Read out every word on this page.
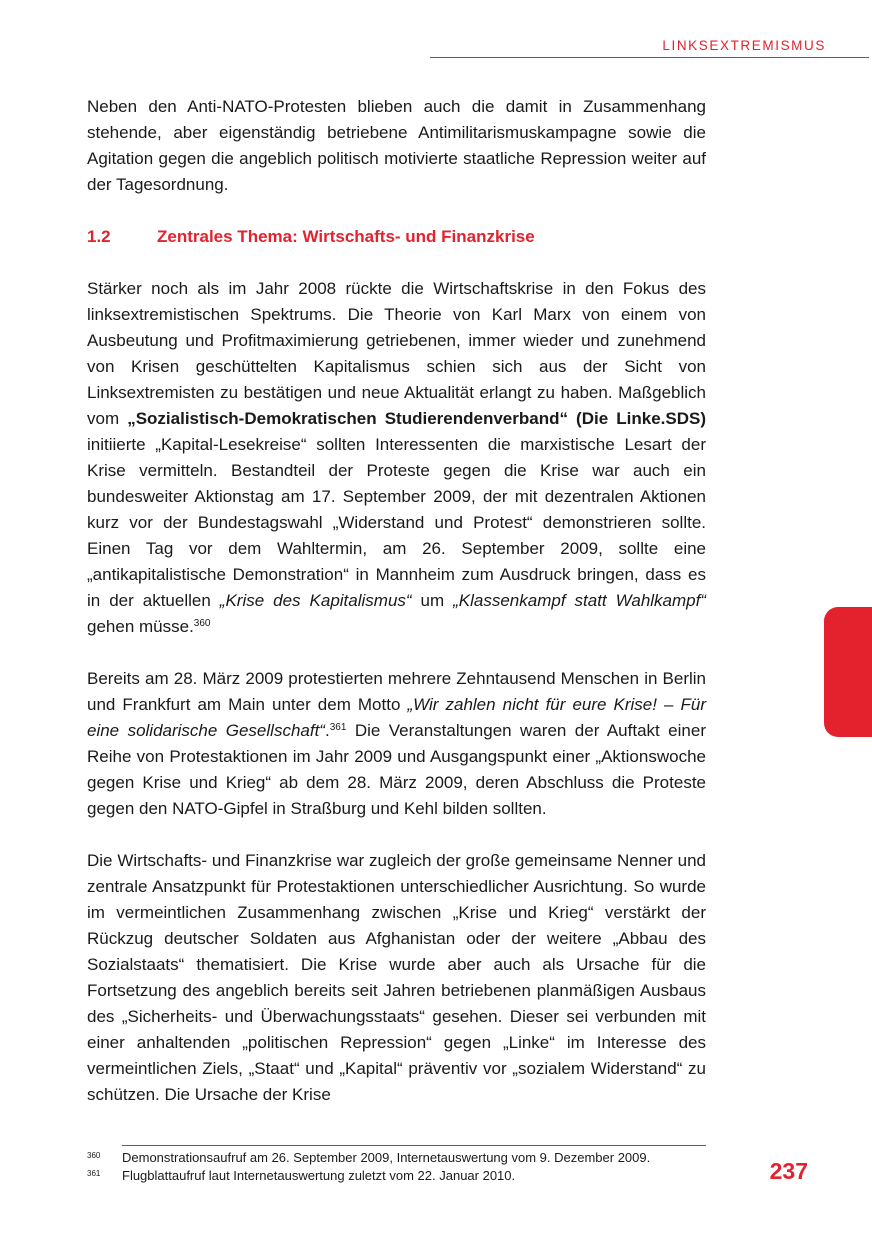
LINKSEXTREMISMUS

Neben den Anti-NATO-Protesten blieben auch die damit in Zusammenhang stehende, aber eigenständig betriebene Antimilitarismuskampagne sowie die Agitation gegen die angeblich politisch motivierte staatliche Repression weiter auf der Tagesordnung.

1.2	Zentrales Thema: Wirtschafts- und Finanzkrise

Stärker noch als im Jahr 2008 rückte die Wirtschaftskrise in den Fokus des linksextremistischen Spektrums. Die Theorie von Karl Marx von einem von Ausbeutung und Profitmaximierung getriebenen, immer wieder und zunehmend von Krisen geschüttelten Kapitalismus schien sich aus der Sicht von Linksextremisten zu bestätigen und neue Aktualität erlangt zu haben. Maßgeblich vom „Sozialistisch-Demokratischen Studierendenverband“ (Die Linke.SDS) initiierte „Kapital-Lesekreise“ sollten Interessenten die marxistische Lesart der Krise vermitteln. Bestandteil der Proteste gegen die Krise war auch ein bundesweiter Aktionstag am 17. September 2009, der mit dezentralen Aktionen kurz vor der Bundestagswahl „Widerstand und Protest“ demonstrieren sollte. Einen Tag vor dem Wahltermin, am 26. September 2009, sollte eine „antikapitalistische Demonstration“ in Mannheim zum Ausdruck bringen, dass es in der aktuellen „Krise des Kapitalismus“ um „Klassenkampf statt Wahlkampf“ gehen müsse.$^{360}$

Bereits am 28. März 2009 protestierten mehrere Zehntausend Menschen in Berlin und Frankfurt am Main unter dem Motto „Wir zahlen nicht für eure Krise! – Für eine solidarische Gesellschaft“.$^{361}$ Die Veranstaltungen waren der Auftakt einer Reihe von Protestaktionen im Jahr 2009 und Ausgangspunkt einer „Aktionswoche gegen Krise und Krieg“ ab dem 28. März 2009, deren Abschluss die Proteste gegen den NATO-Gipfel in Straßburg und Kehl bilden sollten.

Die Wirtschafts- und Finanzkrise war zugleich der große gemeinsame Nenner und zentrale Ansatzpunkt für Protestaktionen unterschiedlicher Ausrichtung. So wurde im vermeintlichen Zusammenhang zwischen „Krise und Krieg“ verstärkt der Rückzug deutscher Soldaten aus Afghanistan oder der weitere „Abbau des Sozialstaats“ thematisiert. Die Krise wurde aber auch als Ursache für die Fortsetzung des angeblich bereits seit Jahren betriebenen planmäßigen Ausbaus des „Sicherheits- und Überwachungsstaats“ gesehen. Dieser sei verbunden mit einer anhaltenden „politischen Repression“ gegen „Linke“ im Interesse des vermeintlichen Ziels, „Staat“ und „Kapital“ präventiv vor „sozialem Widerstand“ zu schützen. Die Ursache der Krise

360 Demonstrationsaufruf am 26. September 2009, Internetauswertung vom 9. Dezember 2009.
361 Flugblattaufruf laut Internetauswertung zuletzt vom 22. Januar 2010.	237
